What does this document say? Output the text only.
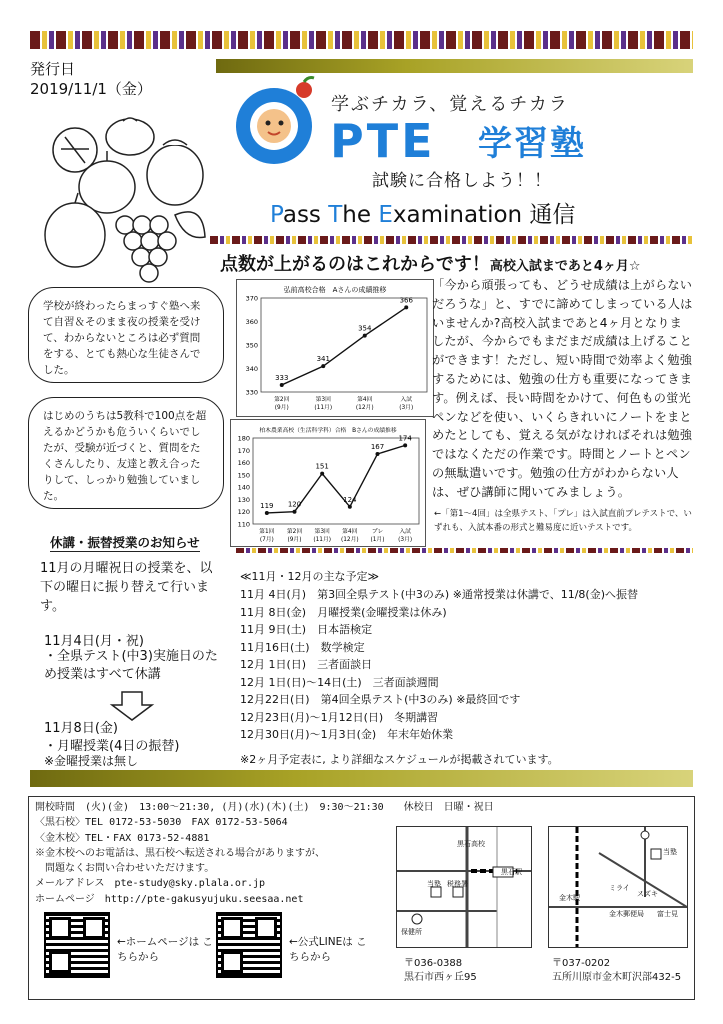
発行日
2019/11/1（金）
学ぶチカラ、覚えるチカラ
PTE 学習塾
試験に合格しよう！！
Pass The Examination 通信
点数が上がるのはこれからです！高校入試まであと4ヶ月☆
学校が終わったらまっすぐ塾へ来て自習＆そのまま夜の授業を受けて、わからないところは必ず質問をする、とても熱心な生徒さんでした。
はじめのうちは5教科で100点を超えるかどうかも危ういくらいでしたが、受験が近づくと、質問をたくさんしたり、友達と教え合ったりして、しっかり勉強していました。
弘前高校合格　Aさんの成績推移
330
340
350
360
370
333
第2回
(9月)
341
第3回
(11月)
354
第4回
(12月)
366
入試
(3月)
柏木農業高校（生活科学科）合格　Bさんの成績推移
110
120
130
140
150
160
170
180
119
第1回
(7月)
120
第2回
(9月)
151
第3回
(11月)
124
第4回
(12月)
167
プレ
(1月)
174
入試
(3月)
「今から頑張っても、どうせ成績は上がらないだろうな」と、すでに諦めてしまっている人はいませんか?高校入試まであと4ヶ月となりましたが、今からでもまだまだ成績は上げることができます！ただし、短い時間で効率よく勉強するためには、勉強の仕方も重要になってきます。例えば、長い時間をかけて、何色もの蛍光ペンなどを使い、いくらきれいにノートをまとめたとしても、覚える気がなければそれは勉強ではなくただの作業です。時間とノートとペンの無駄遣いです。勉強の仕方がわからない人は、ぜひ講師に聞いてみましょう。
←「第1～4回」は全県テスト、「プレ」は入試直前プレテストで、いずれも、入試本番の形式と難易度に近いテストです。
休講・振替授業のお知らせ
11月の月曜祝日の授業を、以下の曜日に振り替えて行います。
11月4日(月・祝)
・全県テスト(中3)実施日のため授業はすべて休講
11月8日(金)
・月曜授業(4日の振替)
※金曜授業は無し
≪11月・12月の主な予定≫
11月 4日(月)　第3回全県テスト(中3のみ) ※通常授業は休講で、11/8(金)へ振替
11月 8日(金)　月曜授業(金曜授業は休み)
11月 9日(土)　日本語検定
11月16日(土)　数学検定
12月 1日(日)　三者面談日
12月 1日(日)～14日(土)　三者面談週間
12月22日(日)　第4回全県テスト(中3のみ) ※最終回です
12月23日(月)～1月12日(日)　冬期講習
12月30日(月)～1月3日(金)　年末年始休業
※2ヶ月予定表に, より詳細なスケジュールが掲載されています。
開校時間　(火)(金)　13:00～21:30, (月)(水)(木)(土)　9:30～21:30　　休校日　日曜・祝日
〈黒石校〉TEL 0172-53-5030　FAX 0172-53-5064
〈金木校〉TEL・FAX 0173-52-4881
※金木校へのお電話は、黒石校へ転送される場合がありますが、
　問題なくお問い合わせいただけます。
メールアドレス　pte-study@sky.plala.or.jp
ホームページ　http://pte-gakusyujuku.seesaa.net
←ホームページは こちらから
←公式LINEは こちらから
黒石高校
黒石駅
当塾 税務署
保健所
〒036-0388
黒石市西ヶ丘95
金木駅
当塾
ミライ
スズキ
金木郵便局 富士見
〒037-0202
五所川原市金木町沢部432-5
